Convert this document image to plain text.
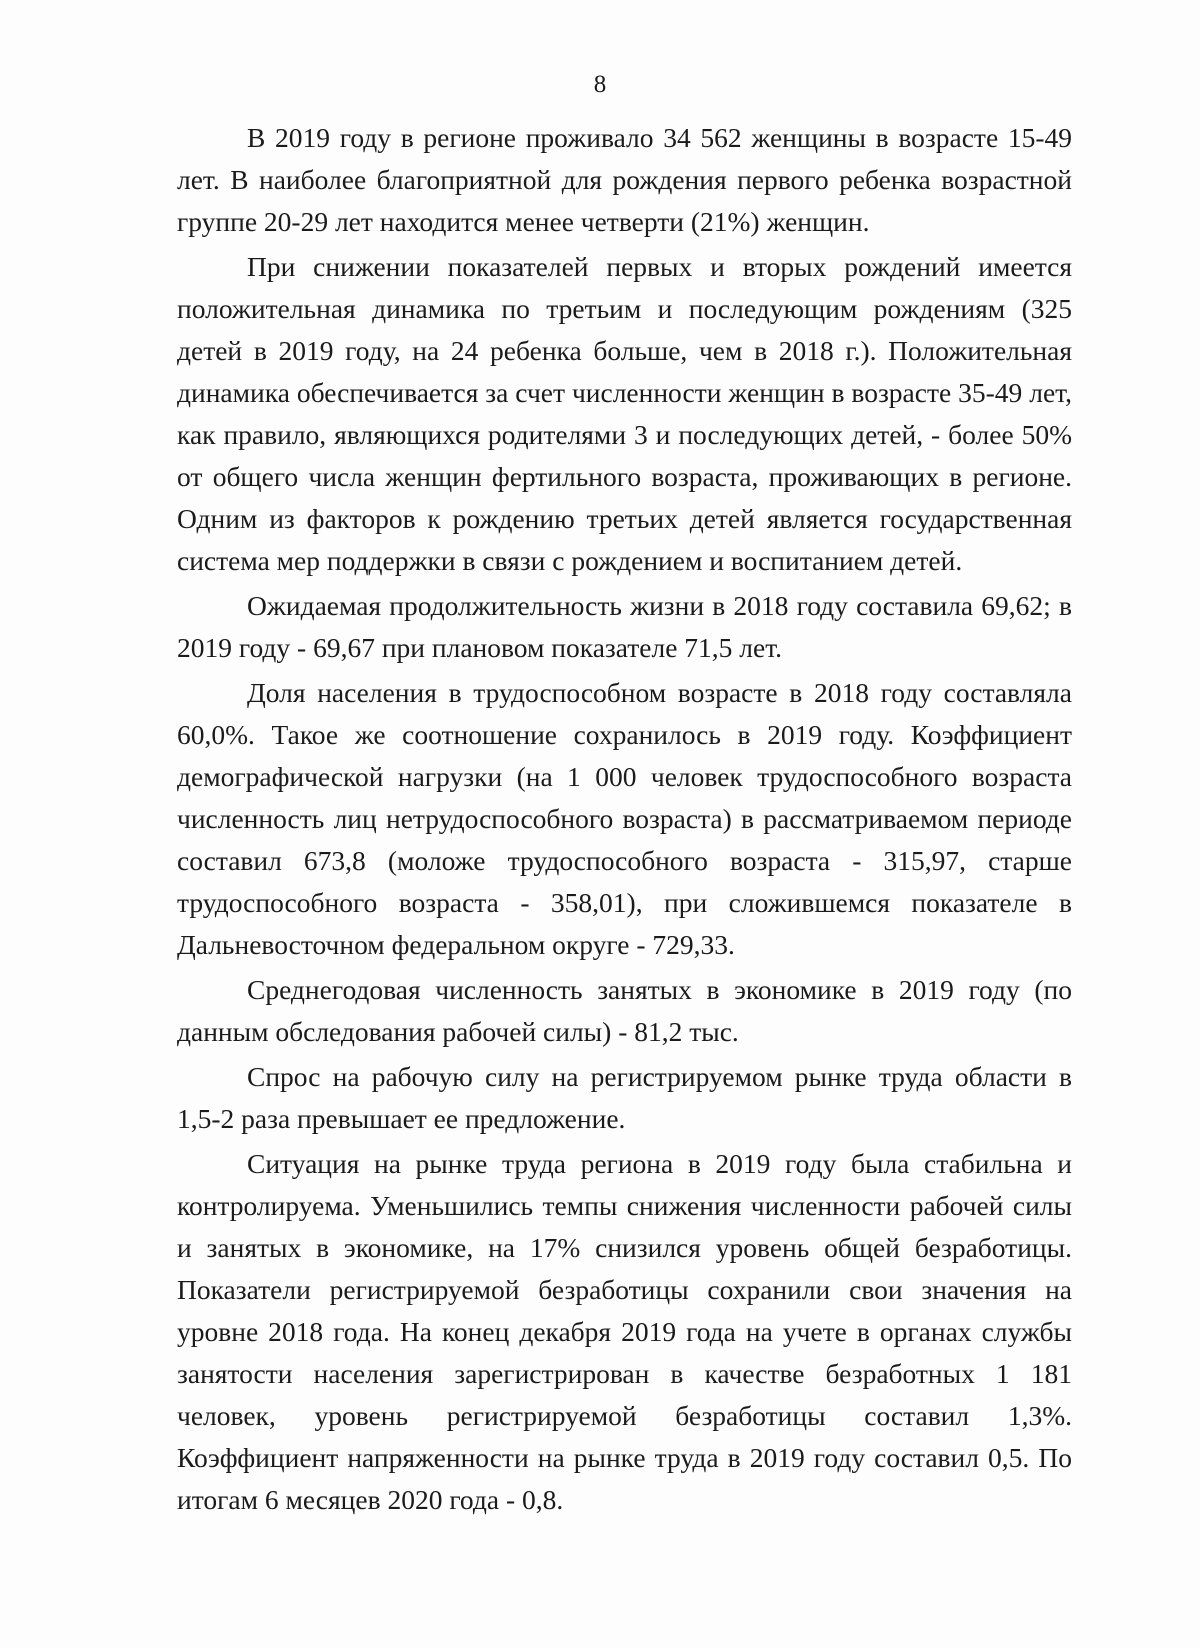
8

В 2019 году в регионе проживало 34 562 женщины в возрасте 15-49 лет. В наиболее благоприятной для рождения первого ребенка возрастной группе 20-29 лет находится менее четверти (21%) женщин.

При снижении показателей первых и вторых рождений имеется положительная динамика по третьим и последующим рождениям (325 детей в 2019 году, на 24 ребенка больше, чем в 2018 г.). Положительная динамика обеспечивается за счет численности женщин в возрасте 35-49 лет, как правило, являющихся родителями 3 и последующих детей, - более 50% от общего числа женщин фертильного возраста, проживающих в регионе. Одним из факторов к рождению третьих детей является государственная система мер поддержки в связи с рождением и воспитанием детей.

Ожидаемая продолжительность жизни в 2018 году составила 69,62; в 2019 году - 69,67 при плановом показателе 71,5 лет.

Доля населения в трудоспособном возрасте в 2018 году составляла 60,0%. Такое же соотношение сохранилось в 2019 году. Коэффициент демографической нагрузки (на 1 000 человек трудоспособного возраста численность лиц нетрудоспособного возраста) в рассматриваемом периоде составил 673,8 (моложе трудоспособного возраста - 315,97, старше трудоспособного возраста - 358,01), при сложившемся показателе в Дальневосточном федеральном округе - 729,33.

Среднегодовая численность занятых в экономике в 2019 году (по данным обследования рабочей силы) - 81,2 тыс.

Спрос на рабочую силу на регистрируемом рынке труда области в 1,5-2 раза превышает ее предложение.

Ситуация на рынке труда региона в 2019 году была стабильна и контролируема. Уменьшились темпы снижения численности рабочей силы и занятых в экономике, на 17% снизился уровень общей безработицы. Показатели регистрируемой безработицы сохранили свои значения на уровне 2018 года. На конец декабря 2019 года на учете в органах службы занятости населения зарегистрирован в качестве безработных 1 181 человек, уровень регистрируемой безработицы составил 1,3%. Коэффициент напряженности на рынке труда в 2019 году составил 0,5. По итогам 6 месяцев 2020 года - 0,8.
